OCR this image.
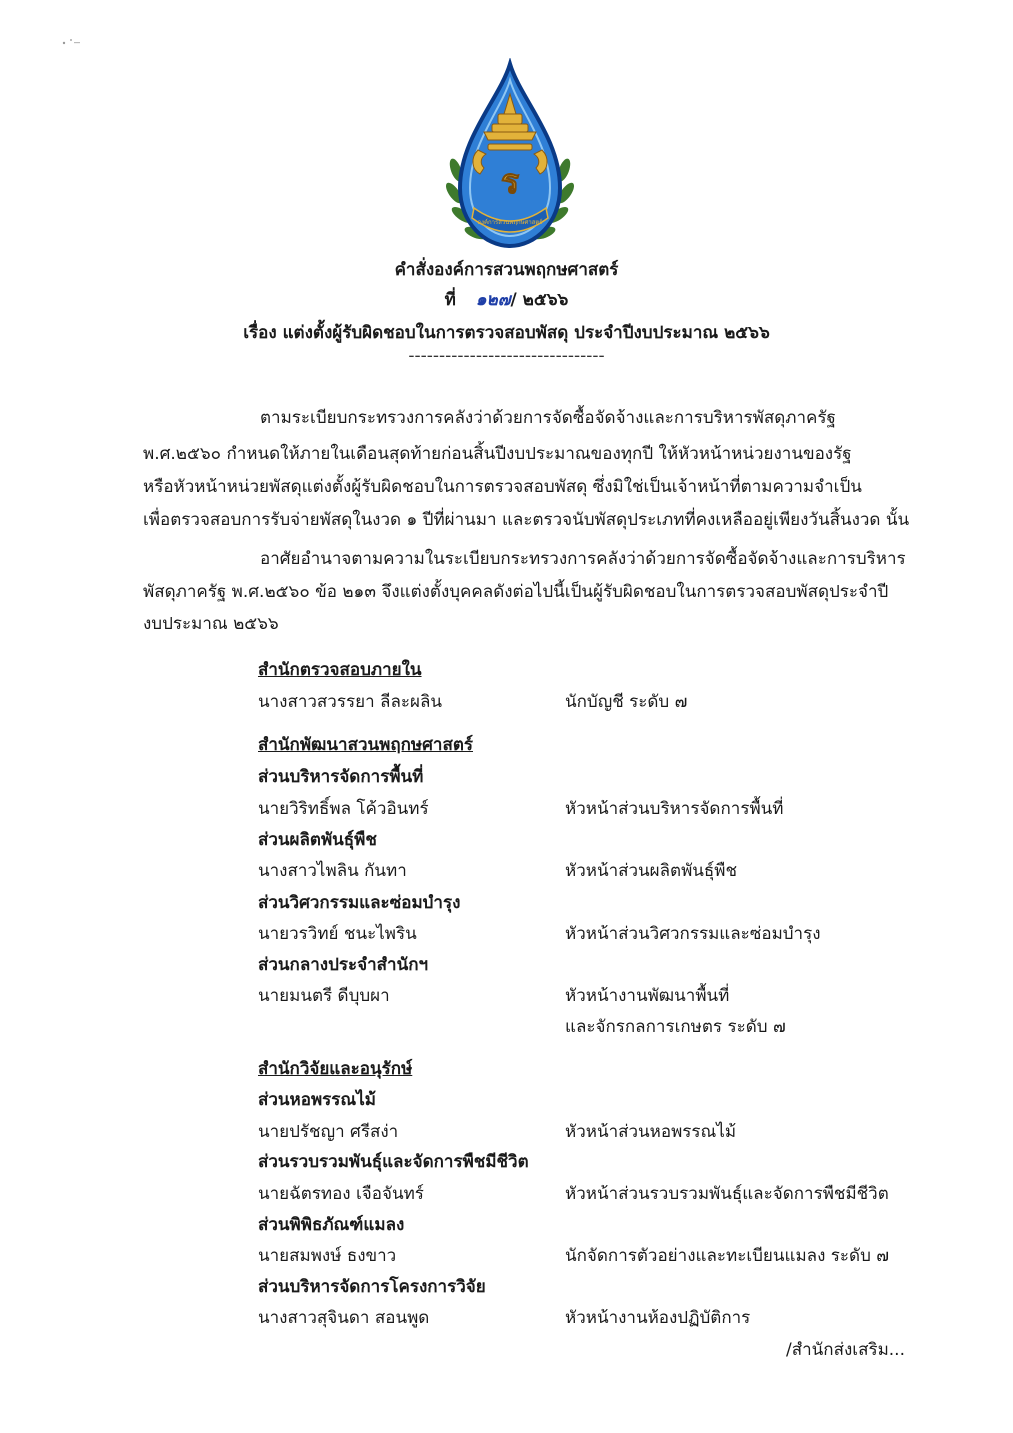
ร
องค์การสวนพฤกษศาสตร์
คำสั่งองค์การสวนพฤกษศาสตร์
ที่ ๑๒๗/ ๒๕๖๖
เรื่อง แต่งตั้งผู้รับผิดชอบในการตรวจสอบพัสดุ ประจำปีงบประมาณ ๒๕๖๖
--------------------------------
ตามระเบียบกระทรวงการคลังว่าด้วยการจัดซื้อจัดจ้างและการบริหารพัสดุภาครัฐ
พ.ศ.๒๕๖๐ กำหนดให้ภายในเดือนสุดท้ายก่อนสิ้นปีงบประมาณของทุกปี ให้หัวหน้าหน่วยงานของรัฐ
หรือหัวหน้าหน่วยพัสดุแต่งตั้งผู้รับผิดชอบในการตรวจสอบพัสดุ ซึ่งมิใช่เป็นเจ้าหน้าที่ตามความจำเป็น
เพื่อตรวจสอบการรับจ่ายพัสดุในงวด ๑ ปีที่ผ่านมา และตรวจนับพัสดุประเภทที่คงเหลืออยู่เพียงวันสิ้นงวด นั้น
อาศัยอำนาจตามความในระเบียบกระทรวงการคลังว่าด้วยการจัดซื้อจัดจ้างและการบริหาร
พัสดุภาครัฐ พ.ศ.๒๕๖๐ ข้อ ๒๑๓ จึงแต่งตั้งบุคคลดังต่อไปนี้เป็นผู้รับผิดชอบในการตรวจสอบพัสดุประจำปี
งบประมาณ ๒๕๖๖
สำนักตรวจสอบภายใน
นางสาวสวรรยา ลีละผลิน	นักบัญชี ระดับ ๗
สำนักพัฒนาสวนพฤกษศาสตร์
ส่วนบริหารจัดการพื้นที่
นายวิริทธิ์พล โค้วอินทร์	หัวหน้าส่วนบริหารจัดการพื้นที่
ส่วนผลิตพันธุ์พืช
นางสาวไพลิน กันทา	หัวหน้าส่วนผลิตพันธุ์พืช
ส่วนวิศวกรรมและซ่อมบำรุง
นายวรวิทย์ ชนะไพริน	หัวหน้าส่วนวิศวกรรมและซ่อมบำรุง
ส่วนกลางประจำสำนักฯ
นายมนตรี ดีบุบผา	หัวหน้างานพัฒนาพื้นที่
และจักรกลการเกษตร ระดับ ๗
สำนักวิจัยและอนุรักษ์
ส่วนหอพรรณไม้
นายปรัชญา ศรีสง่า	หัวหน้าส่วนหอพรรณไม้
ส่วนรวบรวมพันธุ์และจัดการพืชมีชีวิต
นายฉัตรทอง เจือจันทร์	หัวหน้าส่วนรวบรวมพันธุ์และจัดการพืชมีชีวิต
ส่วนพิพิธภัณฑ์แมลง
นายสมพงษ์ ธงขาว	นักจัดการตัวอย่างและทะเบียนแมลง ระดับ ๗
ส่วนบริหารจัดการโครงการวิจัย
นางสาวสุจินดา สอนพูด	หัวหน้างานห้องปฏิบัติการ
/สำนักส่งเสริม...
